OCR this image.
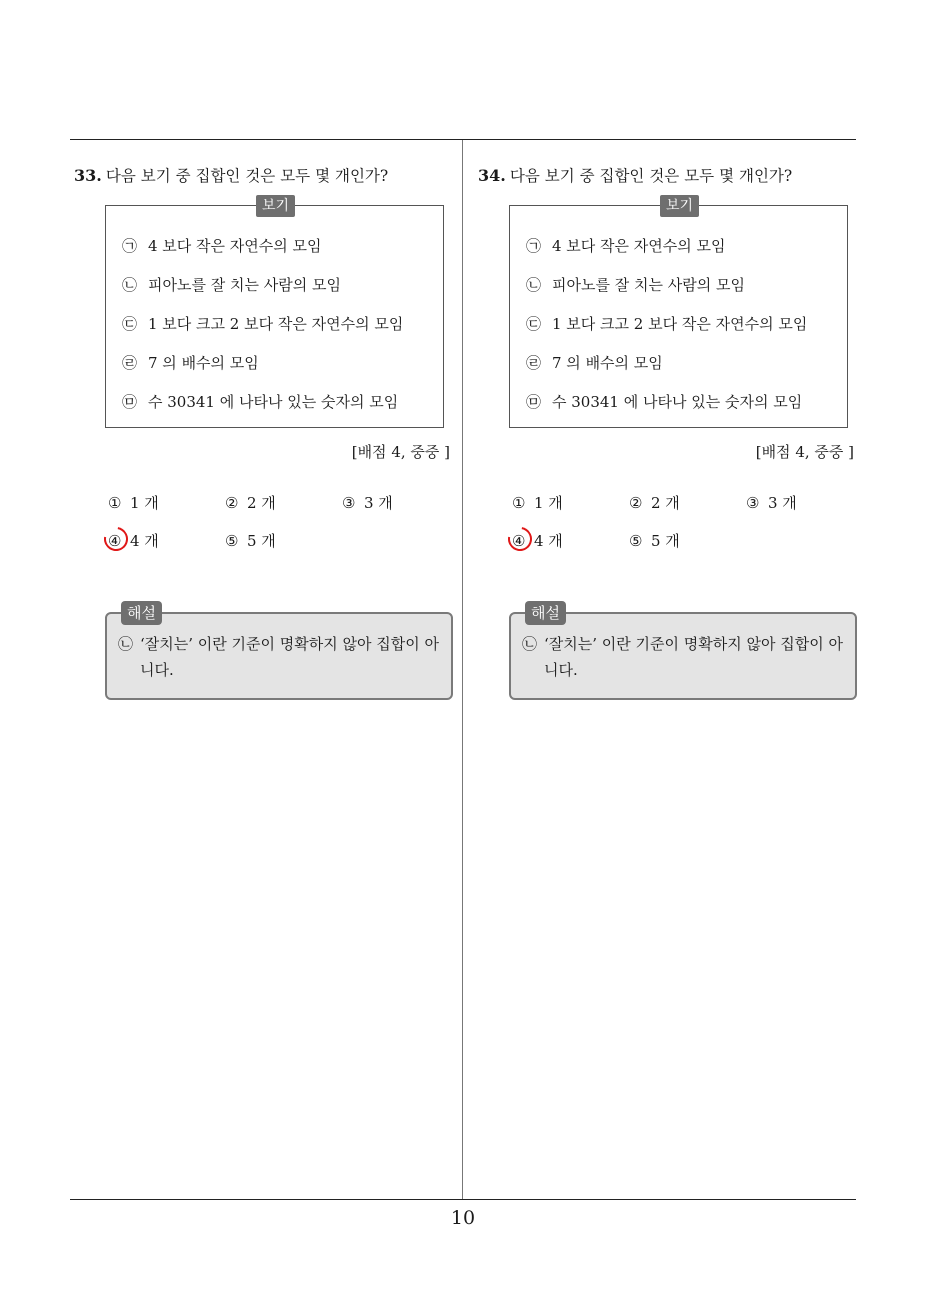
10
33. 다음 보기 중 집합인 것은 모두 몇 개인가?
보기
㉠ 4 보다 작은 자연수의 모임
㉡ 피아노를 잘 치는 사람의 모임
㉢ 1 보다 크고 2 보다 작은 자연수의 모임
㉣ 7 의 배수의 모임
㉤ 수 30341 에 나타나 있는 숫자의 모임
[배점 4, 중중 ]
① 1 개	② 2 개	③ 3 개
④ 4 개	⑤ 5 개
해설
㉡ ‘잘치는’ 이란 기준이 명확하지 않아 집합이 아
니다.
34. 다음 보기 중 집합인 것은 모두 몇 개인가?
보기
㉠ 4 보다 작은 자연수의 모임
㉡ 피아노를 잘 치는 사람의 모임
㉢ 1 보다 크고 2 보다 작은 자연수의 모임
㉣ 7 의 배수의 모임
㉤ 수 30341 에 나타나 있는 숫자의 모임
[배점 4, 중중 ]
① 1 개	② 2 개	③ 3 개
④ 4 개	⑤ 5 개
해설
㉡ ‘잘치는’ 이란 기준이 명확하지 않아 집합이 아
니다.
